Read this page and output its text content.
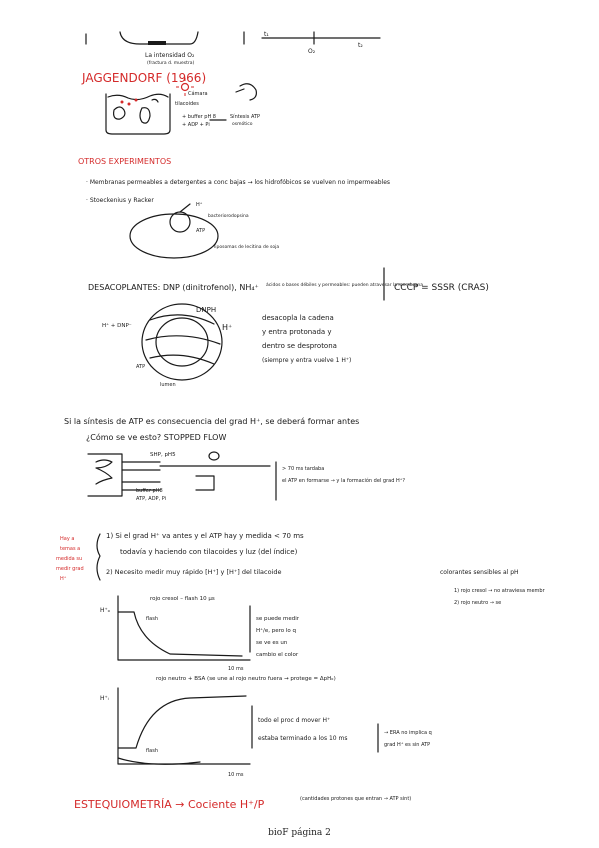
La intensidad O₂
(fractura d. muestra)
t₁
O₂
t₂
JAGGENDORF (1966)
Cámara
tilacoides
+ buffer pH 8
+ ADP + Pi
Síntesis ATP
osmótico
OTROS EXPERIMENTOS
· Membranas permeables a detergentes a conc bajas → los hidrofóbicos se vuelven no impermeables
· Stoeckenius y Racker
H⁺
bacteriorodopsina
ATP
liposomas de lecitina de soja
DESACOPLANTES: DNP (dinitrofenol), NH₄⁺ ácidos o bases débiles y permeables: pueden atravesar la membrana
CCCP = SSSR (CRAS)
DNPH
H⁺ + DNP⁻	H⁺
ATP
lumen
desacopla la cadena
y entra protonada y
dentro se desprotona
(siempre y entra vuelve 1 H⁺)
Si la síntesis de ATP es consecuencia del grad H⁺, se deberá formar antes
¿Cómo se ve esto? STOPPED FLOW
SHP, pH5
buffer pH8
ATP, ADP, Pi
> 70 ms tardaba
el ATP en formarse → y la formación del grad H⁺?
Hay a
temas a
medida su
medir grad
H⁺
1) Si el grad H⁺ va antes y el ATP hay y medida < 70 ms
todavía y haciendo con tilacoides y luz (del índice)
2) Necesito medir muy rápido [H⁺] y [H⁺] del tilacoide	colorantes sensibles al pH
1) rojo cresol → no atraviesa membr
2) rojo neutro → se
rojo cresol – flash 10 µs
H⁺ₒ
flash
10 ms
se puede medir
H⁺/e, pero lo q
se ve es un
cambio el color
rojo neutro + BSA (se une al rojo neutro fuera → protege = ΔpHₒ)
H⁺ᵢ
flash
10 ms
todo el proc d mover H⁺
estaba terminado a los 10 ms
→ ERA no implica q
grad H⁺ es sin ATP
ESTEQUIOMETRÍA → Cociente H⁺/P	(cantidades protones que entran → ATP sint)
bioF página 2
